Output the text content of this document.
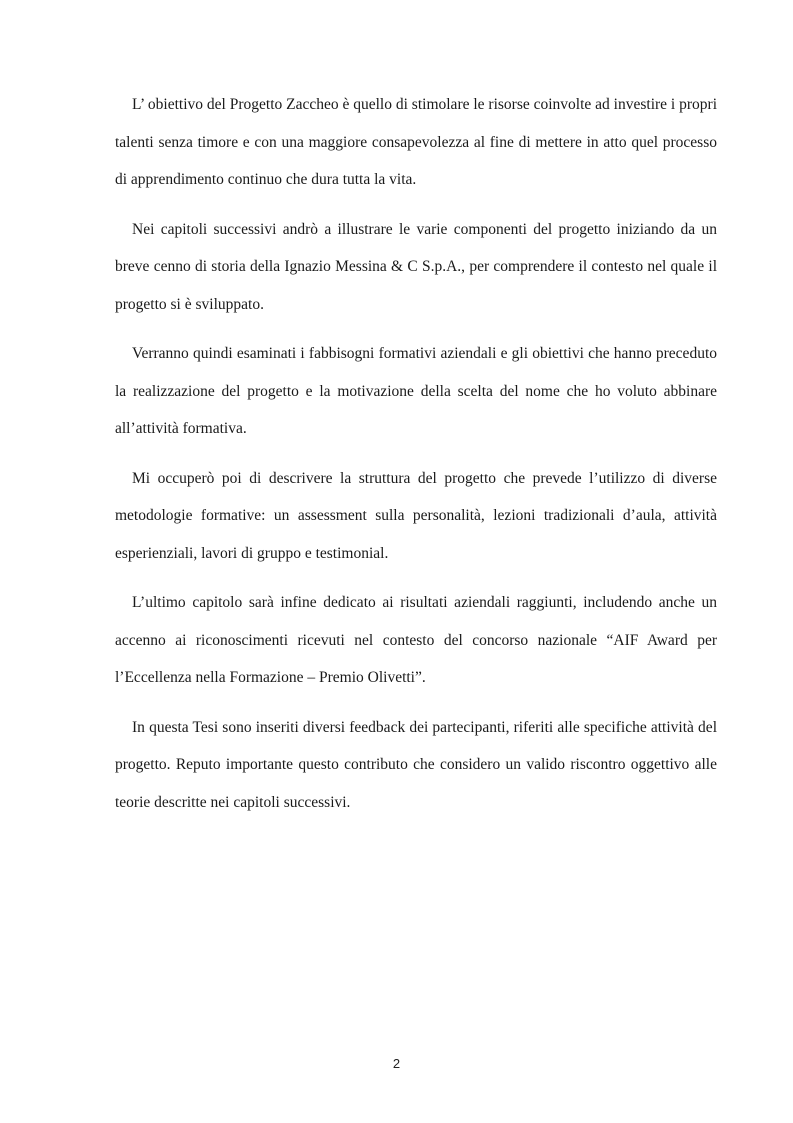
L’ obiettivo del Progetto Zaccheo è quello di stimolare le risorse coinvolte ad investire i propri talenti senza timore e con una maggiore consapevolezza al fine di mettere in atto quel processo di apprendimento continuo che dura tutta la vita.

Nei capitoli successivi andrò a illustrare le varie componenti del progetto iniziando da un breve cenno di storia della Ignazio Messina & C S.p.A., per comprendere il contesto nel quale il progetto si è sviluppato.

Verranno quindi esaminati i fabbisogni formativi aziendali e gli obiettivi che hanno preceduto la realizzazione del progetto e la motivazione della scelta del nome che ho voluto abbinare all’attività formativa.

Mi occuperò poi di descrivere la struttura del progetto che prevede l’utilizzo di diverse metodologie formative: un assessment sulla personalità, lezioni tradizionali d’aula, attività esperienziali, lavori di gruppo e testimonial.

L’ultimo capitolo sarà infine dedicato ai risultati aziendali raggiunti, includendo anche un accenno ai riconoscimenti ricevuti nel contesto del concorso nazionale “AIF Award per l’Eccellenza nella Formazione – Premio Olivetti”.

In questa Tesi sono inseriti diversi feedback dei partecipanti, riferiti alle specifiche attività del progetto. Reputo importante questo contributo che considero un valido riscontro oggettivo alle teorie descritte nei capitoli successivi.

2
